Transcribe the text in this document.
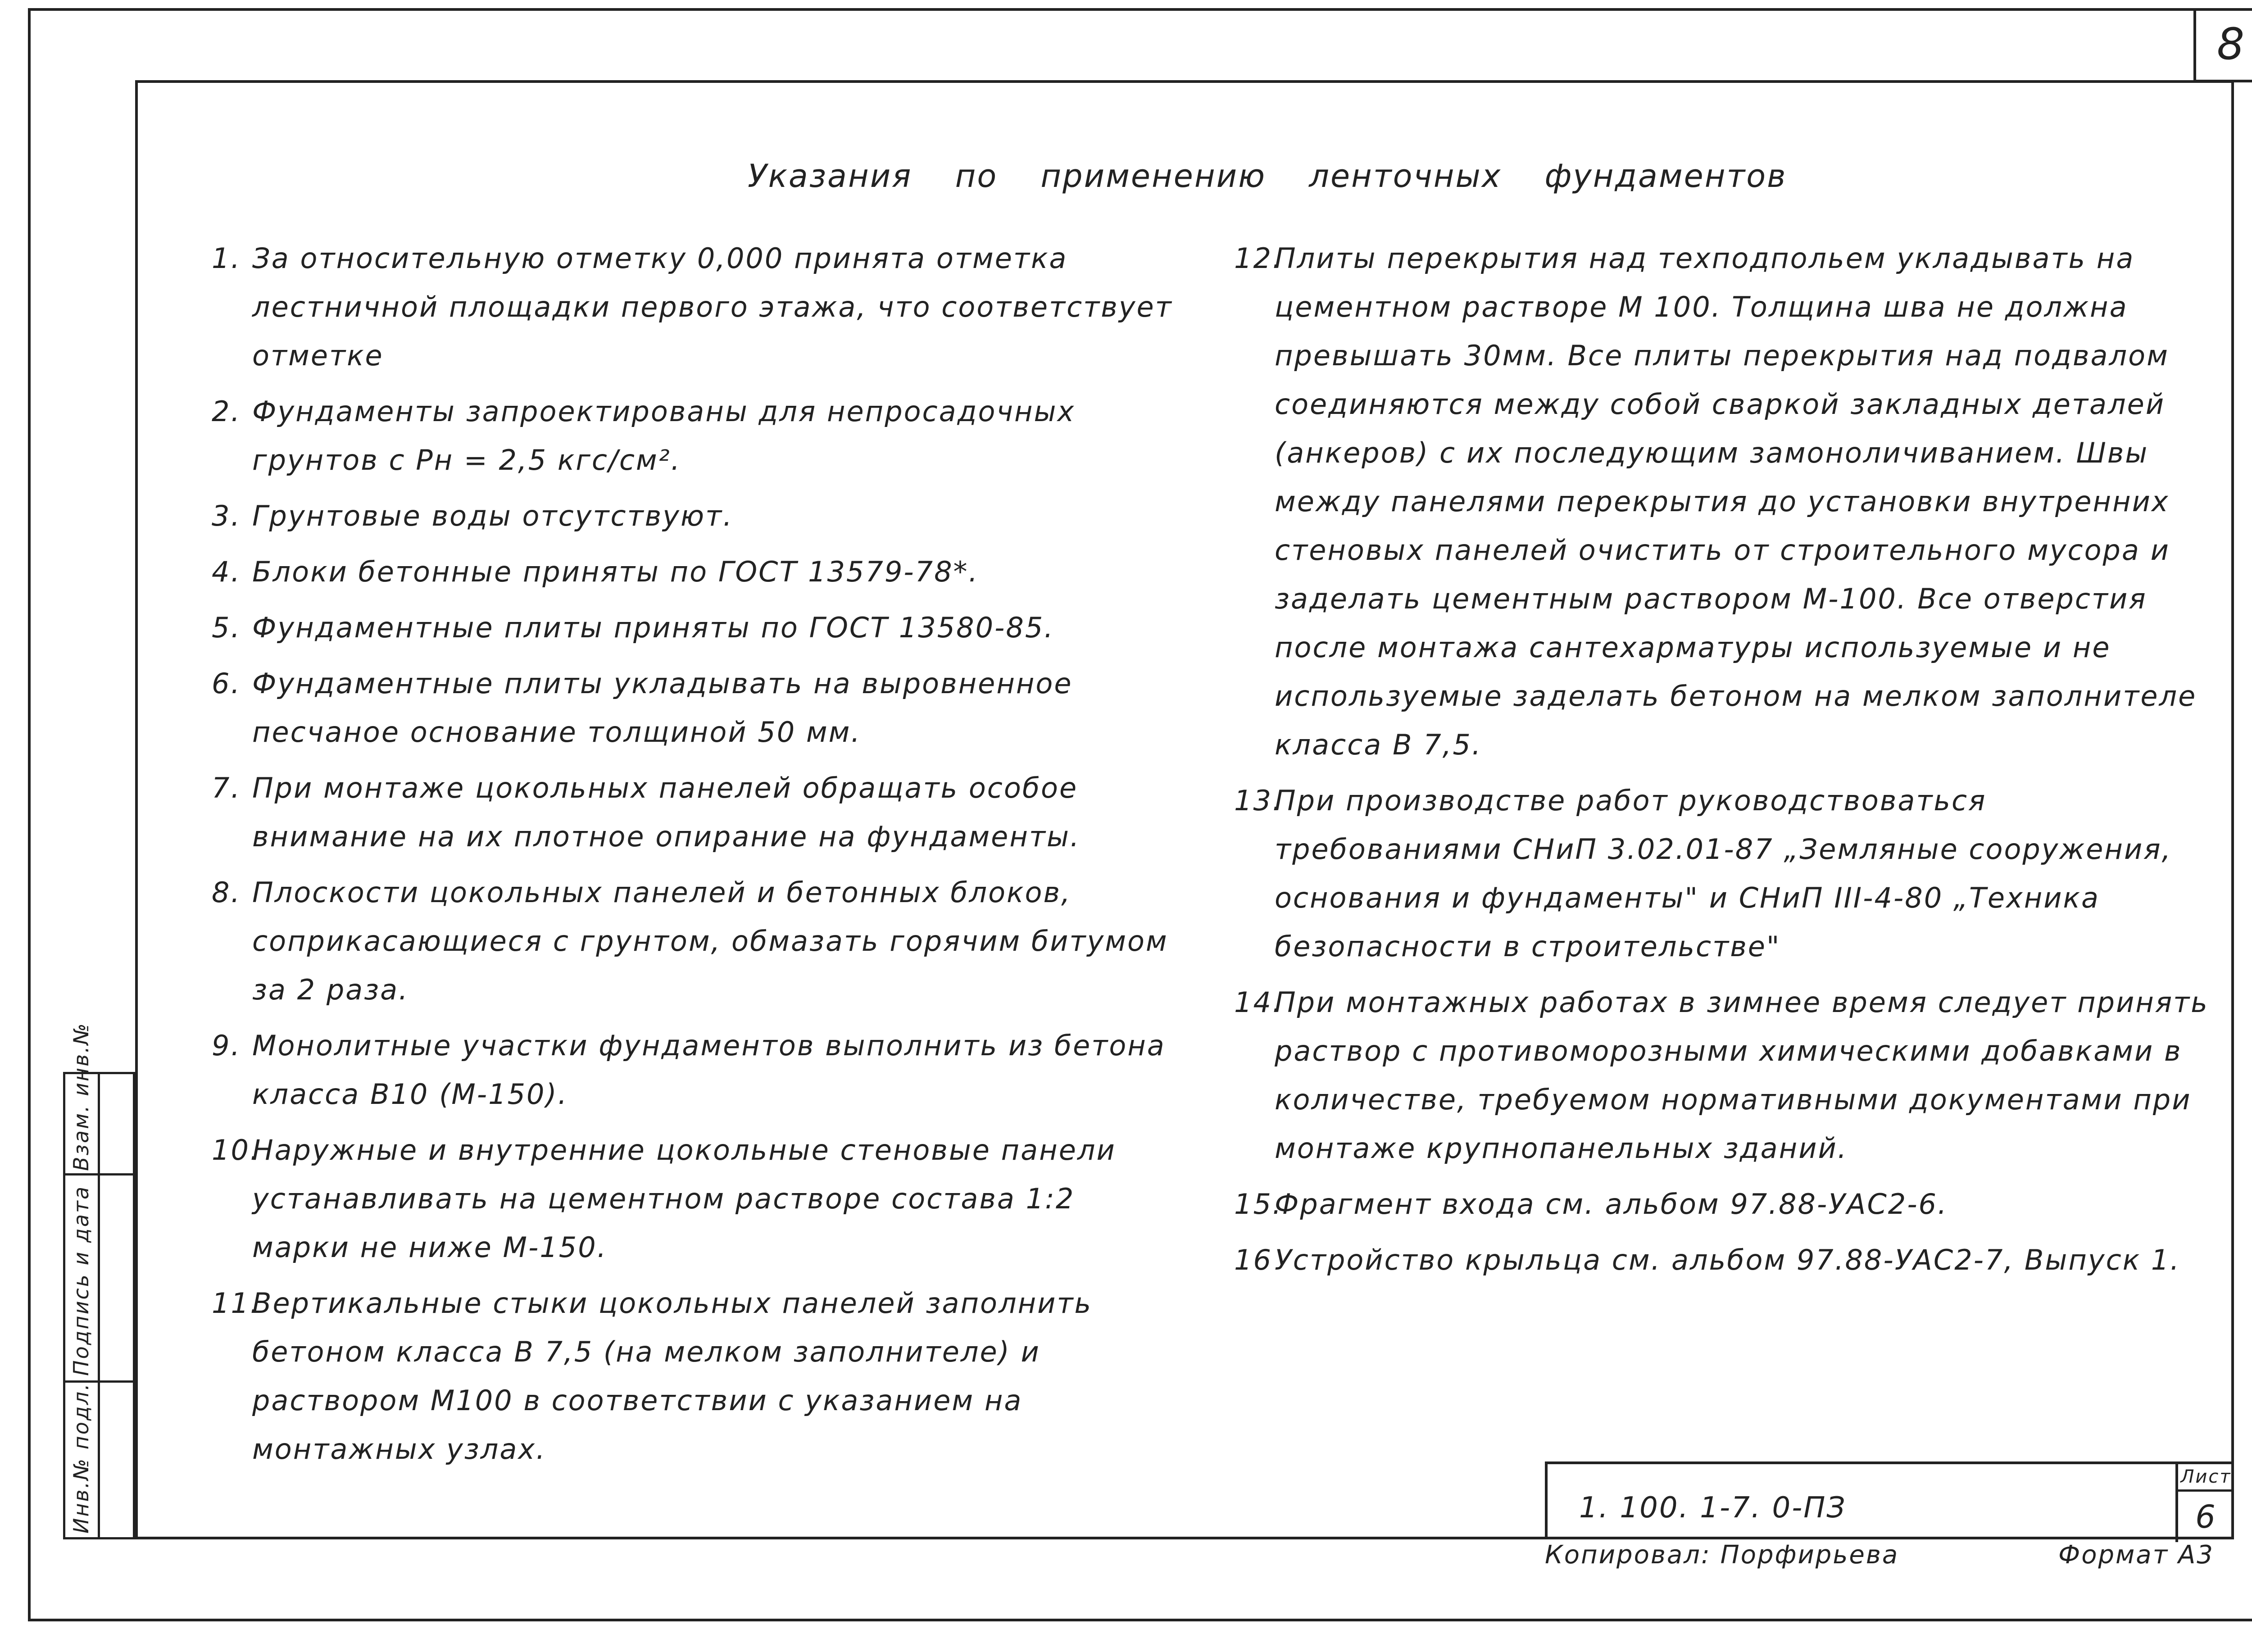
8
Инв.№ подл.
Подпись и дата
Взам. инв.№
Указания по применению ленточных фундаментов
1. За относительную отметку 0,000 принята отметка лестничной площадки первого этажа, что соответствует отметке
2. Фундаменты запроектированы для непросадочных грунтов с Pн = 2,5 кгс/см².
3. Грунтовые воды отсутствуют.
4. Блоки бетонные приняты по ГОСТ 13579-78*.
5. Фундаментные плиты приняты по ГОСТ 13580-85.
6. Фундаментные плиты укладывать на выровненное песчаное основание толщиной 50 мм.
7. При монтаже цокольных панелей обращать особое внимание на их плотное опирание на фундаменты.
8. Плоскости цокольных панелей и бетонных блоков, соприкасающиеся с грунтом, обмазать горячим битумом за 2 раза.
9. Монолитные участки фундаментов выполнить из бетона класса В10 (М-150).
10.
Наружные и внутренние цокольные стеновые панели устанавливать на цементном растворе состава 1:2 марки не ниже М-150.
11.
Вертикальные стыки цокольных панелей заполнить бетоном класса В 7,5 (на мелком заполнителе) и раствором М100 в соответствии с указанием на монтажных узлах.
12.
Плиты перекрытия над техподпольем укладывать на цементном растворе М 100. Толщина шва не должна превышать 30мм. Все плиты перекрытия над подвалом соединяются между собой сваркой закладных деталей (анкеров) с их последующим замоноличиванием. Швы между панелями перекрытия до установки внутренних стеновых панелей очистить от строительного мусора и заделать цементным раствором М-100. Все отверстия после монтажа сантехарматуры используемые и не используемые заделать бетоном на мелком заполнителе класса В 7,5.
13.
При производстве работ руководствоваться требованиями СНиП 3.02.01-87 „Земляные сооружения, основания и фундаменты" и СНиП III-4-80 „Техника безопасности в строительстве"
14.
При монтажных работах в зимнее время следует принять раствор с противоморозными химическими добавками в количестве, требуемом нормативными документами при монтаже крупнопанельных зданий.
15.
Фрагмент входа см. альбом 97.88-УАС2-6.
16 Устройство крыльца см. альбом 97.88-УАС2-7, Выпуск 1.
1. 100. 1-7. 0-ПЗ
Лист
6
Копировал: Порфирьева	Формат А3
